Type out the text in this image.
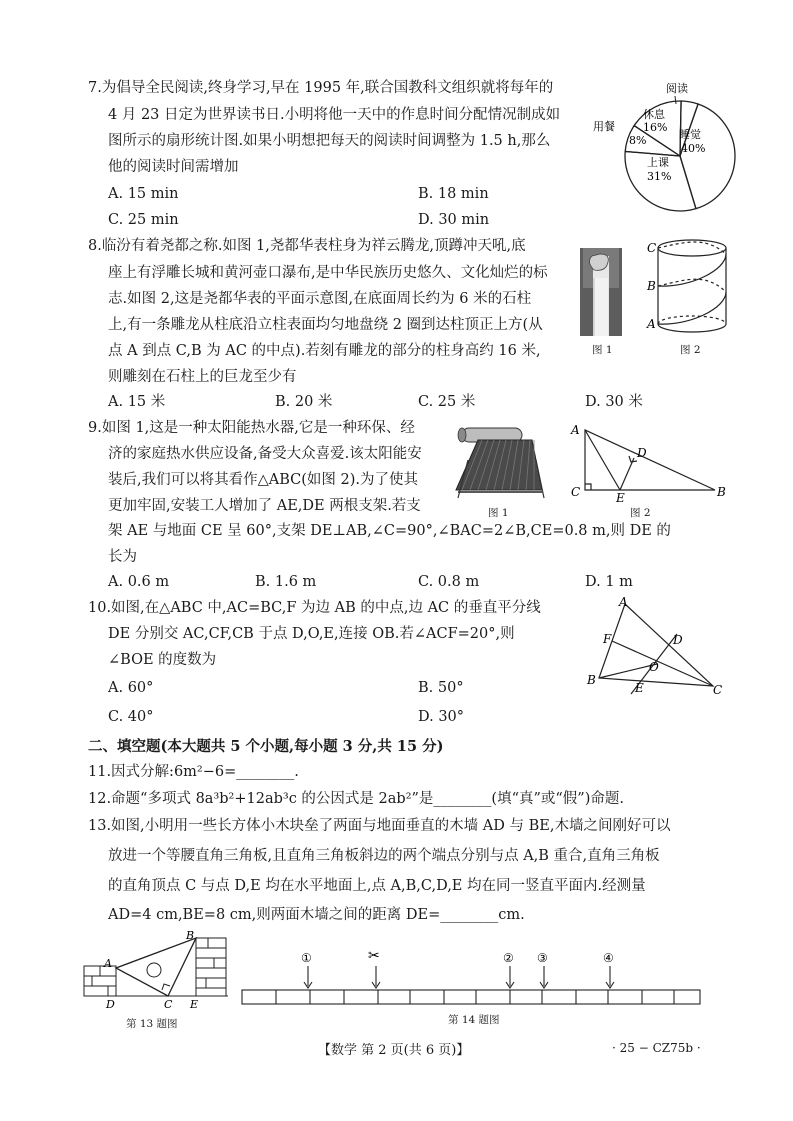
7.为倡导全民阅读,终身学习,早在 1995 年,联合国教科文组织就将每年的
4 月 23 日定为世界读书日.小明将他一天中的作息时间分配情况制成如
图所示的扇形统计图.如果小明想把每天的阅读时间调整为 1.5 h,那么
他的阅读时间需增加
A. 15 min	B. 18 min
C. 25 min	D. 30 min
阅读
睡觉
40%
上课
31%
休息
16%
用餐
8%
8.临汾有着尧都之称.如图 1,尧都华表柱身为祥云腾龙,顶蹲冲天吼,底
座上有浮雕长城和黄河壶口瀑布,是中华民族历史悠久、文化灿烂的标
志.如图 2,这是尧都华表的平面示意图,在底面周长约为 6 米的石柱
上,有一条雕龙从柱底沿立柱表面均匀地盘绕 2 圈到达柱顶正上方(从
点 A 到点 C,B 为 AC 的中点).若刻有雕龙的部分的柱身高约 16 米,
则雕刻在石柱上的巨龙至少有
A. 15 米	B. 20 米	C. 25 米	D. 30 米
图 1
C
B
A
图 2
9.如图 1,这是一种太阳能热水器,它是一种环保、经
济的家庭热水供应设备,备受大众喜爱.该太阳能安
装后,我们可以将其看作△ABC(如图 2).为了使其
更加牢固,安装工人增加了 AE,DE 两根支架.若支
架 AE 与地面 CE 呈 60°,支架 DE⊥AB,∠C=90°,∠BAC=2∠B,CE=0.8 m,则 DE 的
长为
A. 0.6 m	B. 1.6 m	C. 0.8 m	D. 1 m
图 1
A
D
C	E	B
图 2
10.如图,在△ABC 中,AC=BC,F 为边 AB 的中点,边 AC 的垂直平分线
DE 分别交 AC,CF,CB 于点 D,O,E,连接 OB.若∠ACF=20°,则
∠BOE 的度数为
A. 60°	B. 50°
C. 40°	D. 30°
A
F	D
O
B
E	C
二、填空题(本大题共 5 个小题,每小题 3 分,共 15 分)
11.因式分解:6m²−6=________.
12.命题“多项式 8a³b²+12ab³c 的公因式是 2ab²”是________(填“真”或“假”)命题.
13.如图,小明用一些长方体小木块垒了两面与地面垂直的木墙 AD 与 BE,木墙之间刚好可以
放进一个等腰直角三角板,且直角三角板斜边的两个端点分别与点 A,B 重合,直角三角板
的直角顶点 C 与点 D,E 均在水平地面上,点 A,B,C,D,E 均在同一竖直平面内.经测量
AD=4 cm,BE=8 cm,则两面木墙之间的距离 DE=________cm.
A
B
D	C E
第 13 题图
①	✂	② ③	④
第 14 题图
【数学 第 2 页(共 6 页)】	· 25 − CZ75b ·
